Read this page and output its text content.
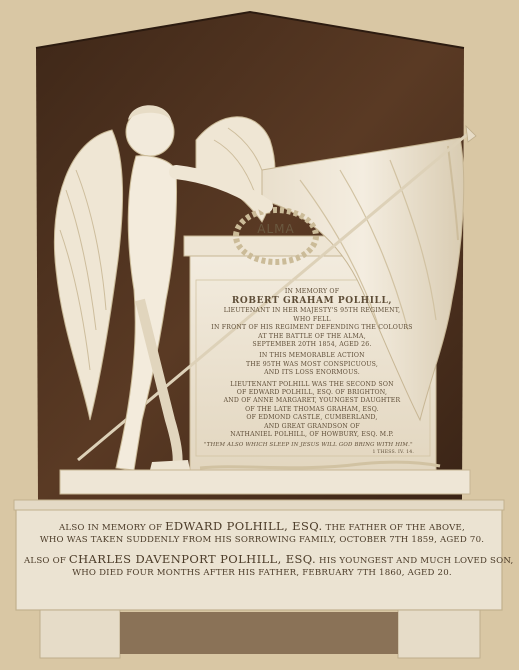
ALMA
IN MEMORY OF
ROBERT GRAHAM POLHILL,
LIEUTENANT IN HER MAJESTY'S 95TH REGIMENT,
WHO FELL
IN FRONT OF HIS REGIMENT DEFENDING THE COLOURS
AT THE BATTLE OF THE ALMA,
SEPTEMBER 20TH 1854, AGED 26.
IN THIS MEMORABLE ACTION
THE 95TH WAS MOST CONSPICUOUS,
AND ITS LOSS ENORMOUS.
LIEUTENANT POLHILL WAS THE SECOND SON
OF EDWARD POLHILL, ESQ. OF BRIGHTON,
AND OF ANNE MARGARET, YOUNGEST DAUGHTER
OF THE LATE THOMAS GRAHAM, ESQ.
OF EDMOND CASTLE, CUMBERLAND,
AND GREAT GRANDSON OF
NATHANIEL POLHILL, OF HOWBURY, ESQ. M.P.
"THEM ALSO WHICH SLEEP IN JESUS WILL GOD BRING WITH HIM."
1 THESS. IV. 14.
ALSO IN MEMORY OF EDWARD POLHILL, ESQ. THE FATHER OF THE ABOVE,
WHO WAS TAKEN SUDDENLY FROM HIS SORROWING FAMILY, OCTOBER 7TH 1859, AGED 70.
ALSO OF CHARLES DAVENPORT POLHILL, ESQ. HIS YOUNGEST AND MUCH LOVED SON,
WHO DIED FOUR MONTHS AFTER HIS FATHER, FEBRUARY 7TH 1860, AGED 20.
